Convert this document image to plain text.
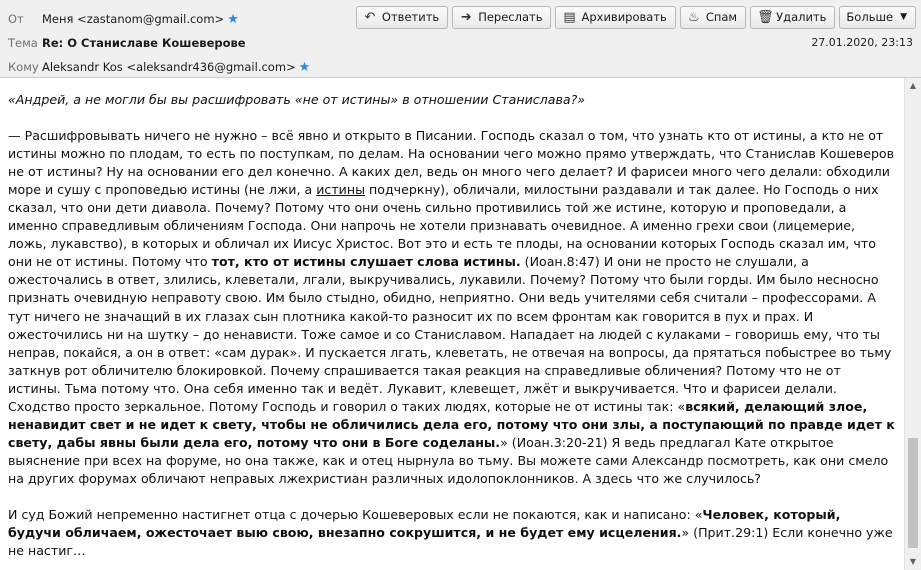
От Меня <zastanom@gmail.com> ★
Тема Re: О Станиславе Кошеверове	27.01.2020, 23:13
Кому Aleksandr Kos <aleksandr436@gmail.com> ★
↶ Ответить ➜ Переслать ▤ Архивировать ♨ Спам 🗑 Удалить Больше ▼

«Андрей, а не могли бы вы расшифровать «не от истины» в отношении Станислава?»

— Расшифровывать ничего не нужно – всё явно и открыто в Писании. Господь сказал о том, что узнать кто от истины, а кто не от истины можно по плодам, то есть по поступкам, по делам. На основании чего можно прямо утверждать, что Станислав Кошеверов не от истины? Ну на основании его дел конечно. А каких дел, ведь он много чего делает? И фарисеи много чего делали: обходили море и сушу с проповедью истины (не лжи, а истины подчеркну), обличали, милостыни раздавали и так далее. Но Господь о них сказал, что они дети диавола. Почему? Потому что они очень сильно противились той же истине, которую и проповедали, а именно справедливым обличениям Господа. Они напрочь не хотели признавать очевидное. А именно грехи свои (лицемерие, ложь, лукавство), в которых и обличал их Иисус Христос. Вот это и есть те плоды, на основании которых Господь сказал им, что они не от истины. Потому что тот, кто от истины слушает слова истины. (Иоан.8:47) И они не просто не слушали, а ожесточались в ответ, злились, клеветали, лгали, выкручивались, лукавили. Почему? Потому что были горды. Им было несносно признать очевидную неправоту свою. Им было стыдно, обидно, неприятно. Они ведь учителями себя считали – профессорами. А тут ничего не значащий в их глазах сын плотника какой-то разносит их по всем фронтам как говорится в пух и прах. И ожесточились ни на шутку – до ненависти. Тоже самое и со Станиславом. Нападает на людей с кулаками – говоришь ему, что ты неправ, покайся, а он в ответ: «сам дурак». И пускается лгать, клеветать, не отвечая на вопросы, да прятаться побыстрее во тьму заткнув рот обличителю блокировкой. Почему спрашивается такая реакция на справедливые обличения? Потому что не от истины. Тьма потому что. Она себя именно так и ведёт. Лукавит, клевещет, лжёт и выкручивается. Что и фарисеи делали. Сходство просто зеркальное. Потому Господь и говорил о таких людях, которые не от истины так: «всякий, делающий злое, ненавидит свет и не идет к свету, чтобы не обличились дела его, потому что они злы, а поступающий по правде идет к свету, дабы явны были дела его, потому что они в Боге соделаны.» (Иоан.3:20-21) Я ведь предлагал Кате открытое выяснение при всех на форуме, но она также, как и отец нырнула во тьму. Вы можете сами Александр посмотреть, как они смело на других форумах обличают неправых лжехристиан различных идолопоклонников. А здесь что же случилось?

И суд Божий непременно настигнет отца с дочерью Кошеверовых если не покаются, как и написано: «Человек, который, будучи обличаем, ожесточает выю свою, внезапно сокрушится, и не будет ему исцеления.» (Прит.29:1) Если конечно уже не настиг…

▲
▼
